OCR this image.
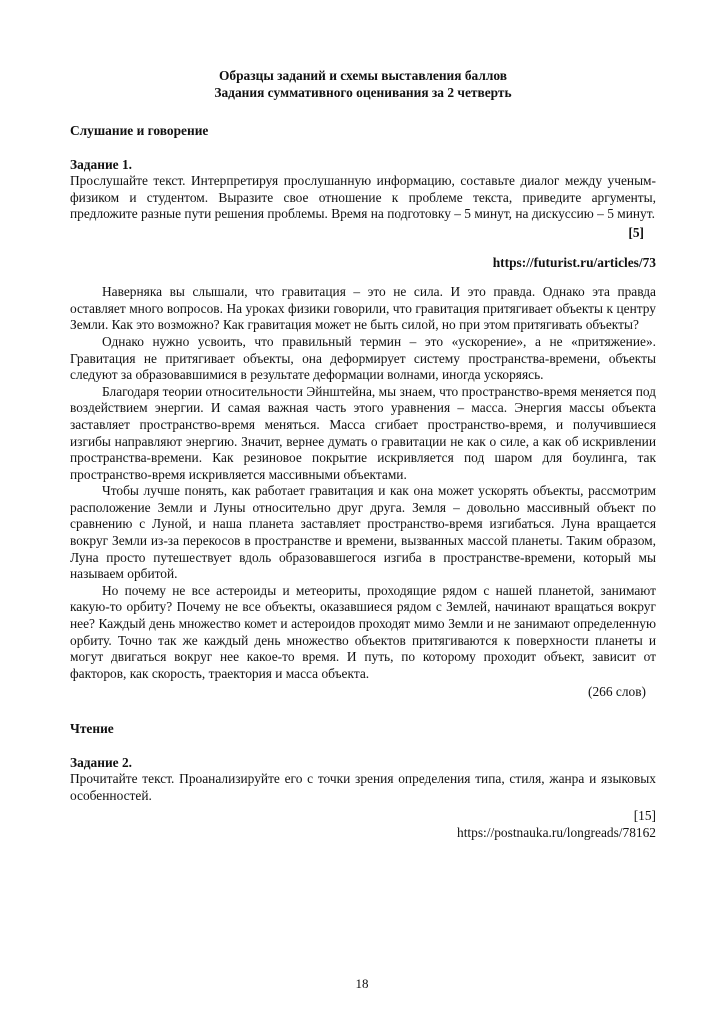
Образцы заданий и схемы выставления баллов
Задания суммативного оценивания за 2 четверть
Слушание и говорение
Задание 1.
Прослушайте текст. Интерпретируя прослушанную информацию, составьте диалог между ученым-физиком и студентом. Выразите свое отношение к проблеме текста, приведите аргументы, предложите разные пути решения проблемы. Время на подготовку – 5 минут, на дискуссию – 5 минут.
[5]
https://futurist.ru/articles/73

Наверняка вы слышали, что гравитация – это не сила. И это правда. Однако эта правда оставляет много вопросов. На уроках физики говорили, что гравитация притягивает объекты к центру Земли. Как это возможно? Как гравитация может не быть силой, но при этом притягивать объекты?

Однако нужно усвоить, что правильный термин – это «ускорение», а не «притяжение». Гравитация не притягивает объекты, она деформирует систему пространства-времени, объекты следуют за образовавшимися в результате деформации волнами, иногда ускоряясь.

Благодаря теории относительности Эйнштейна, мы знаем, что пространство-время меняется под воздействием энергии. И самая важная часть этого уравнения – масса. Энергия массы объекта заставляет пространство-время меняться. Масса сгибает пространство-время, и получившиеся изгибы направляют энергию. Значит, вернее думать о гравитации не как о силе, а как об искривлении пространства-времени. Как резиновое покрытие искривляется под шаром для боулинга, так пространство-время искривляется массивными объектами.

Чтобы лучше понять, как работает гравитация и как она может ускорять объекты, рассмотрим расположение Земли и Луны относительно друг друга. Земля – довольно массивный объект по сравнению с Луной, и наша планета заставляет пространство-время изгибаться. Луна вращается вокруг Земли из-за перекосов в пространстве и времени, вызванных массой планеты. Таким образом, Луна просто путешествует вдоль образовавшегося изгиба в пространстве-времени, который мы называем орбитой.

Но почему не все астероиды и метеориты, проходящие рядом с нашей планетой, занимают какую-то орбиту? Почему не все объекты, оказавшиеся рядом с Землей, начинают вращаться вокруг нее? Каждый день множество комет и астероидов проходят мимо Земли и не занимают определенную орбиту. Точно так же каждый день множество объектов притягиваются к поверхности планеты и могут двигаться вокруг нее какое-то время. И путь, по которому проходит объект, зависит от факторов, как скорость, траектория и масса объекта.

(266 слов)
Чтение
Задание 2.
Прочитайте текст. Проанализируйте его с точки зрения определения типа, стиля, жанра и языковых особенностей.
[15]
https://postnauka.ru/longreads/78162
18
